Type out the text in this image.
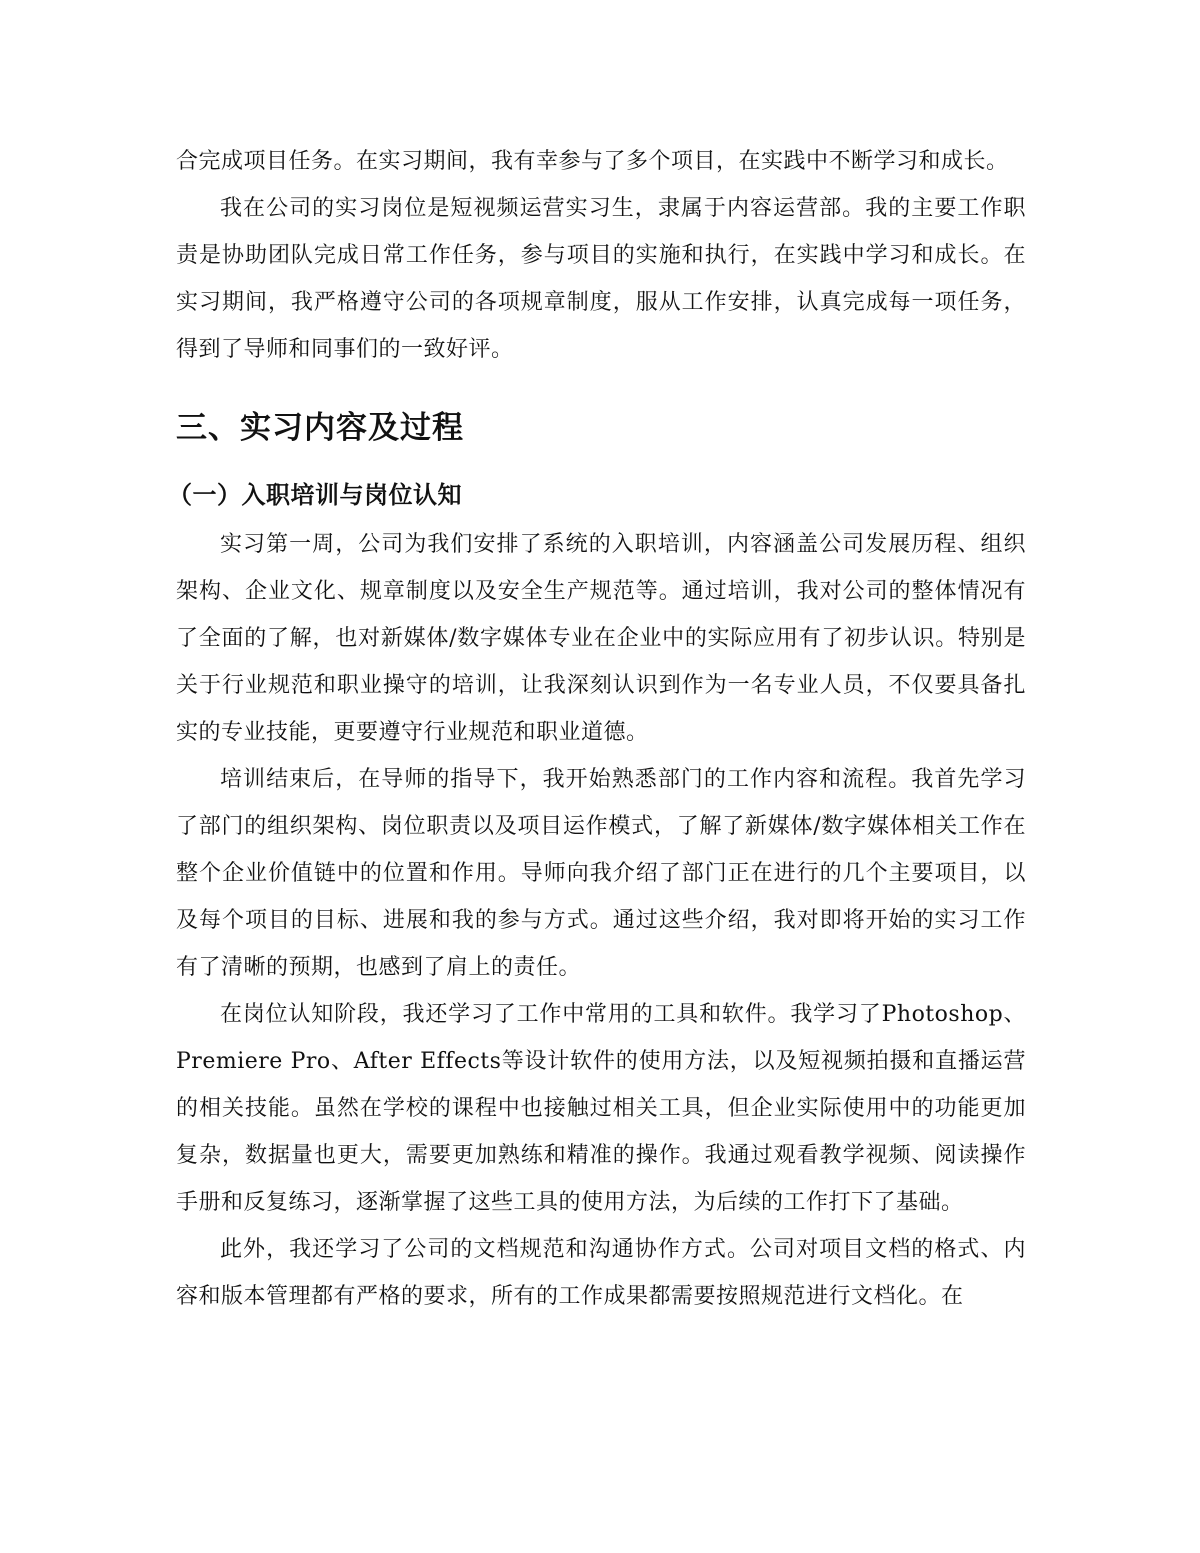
合完成项目任务。在实习期间，我有幸参与了多个项目，在实践中不断学习和成长。

我在公司的实习岗位是短视频运营实习生，隶属于内容运营部。我的主要工作职责是协助团队完成日常工作任务，参与项目的实施和执行，在实践中学习和成长。在实习期间，我严格遵守公司的各项规章制度，服从工作安排，认真完成每一项任务，得到了导师和同事们的一致好评。

三、实习内容及过程
（一）入职培训与岗位认知

实习第一周，公司为我们安排了系统的入职培训，内容涵盖公司发展历程、组织架构、企业文化、规章制度以及安全生产规范等。通过培训，我对公司的整体情况有了全面的了解，也对新媒体/数字媒体专业在企业中的实际应用有了初步认识。特别是关于行业规范和职业操守的培训，让我深刻认识到作为一名专业人员，不仅要具备扎实的专业技能，更要遵守行业规范和职业道德。

培训结束后，在导师的指导下，我开始熟悉部门的工作内容和流程。我首先学习了部门的组织架构、岗位职责以及项目运作模式，了解了新媒体/数字媒体相关工作在整个企业价值链中的位置和作用。导师向我介绍了部门正在进行的几个主要项目，以及每个项目的目标、进展和我的参与方式。通过这些介绍，我对即将开始的实习工作有了清晰的预期，也感到了肩上的责任。

在岗位认知阶段，我还学习了工作中常用的工具和软件。我学习了Photoshop、Premiere Pro、After Effects等设计软件的使用方法，以及短视频拍摄和直播运营的相关技能。虽然在学校的课程中也接触过相关工具，但企业实际使用中的功能更加复杂，数据量也更大，需要更加熟练和精准的操作。我通过观看教学视频、阅读操作手册和反复练习，逐渐掌握了这些工具的使用方法，为后续的工作打下了基础。

此外，我还学习了公司的文档规范和沟通协作方式。公司对项目文档的格式、内容和版本管理都有严格的要求，所有的工作成果都需要按照规范进行文档化。在
